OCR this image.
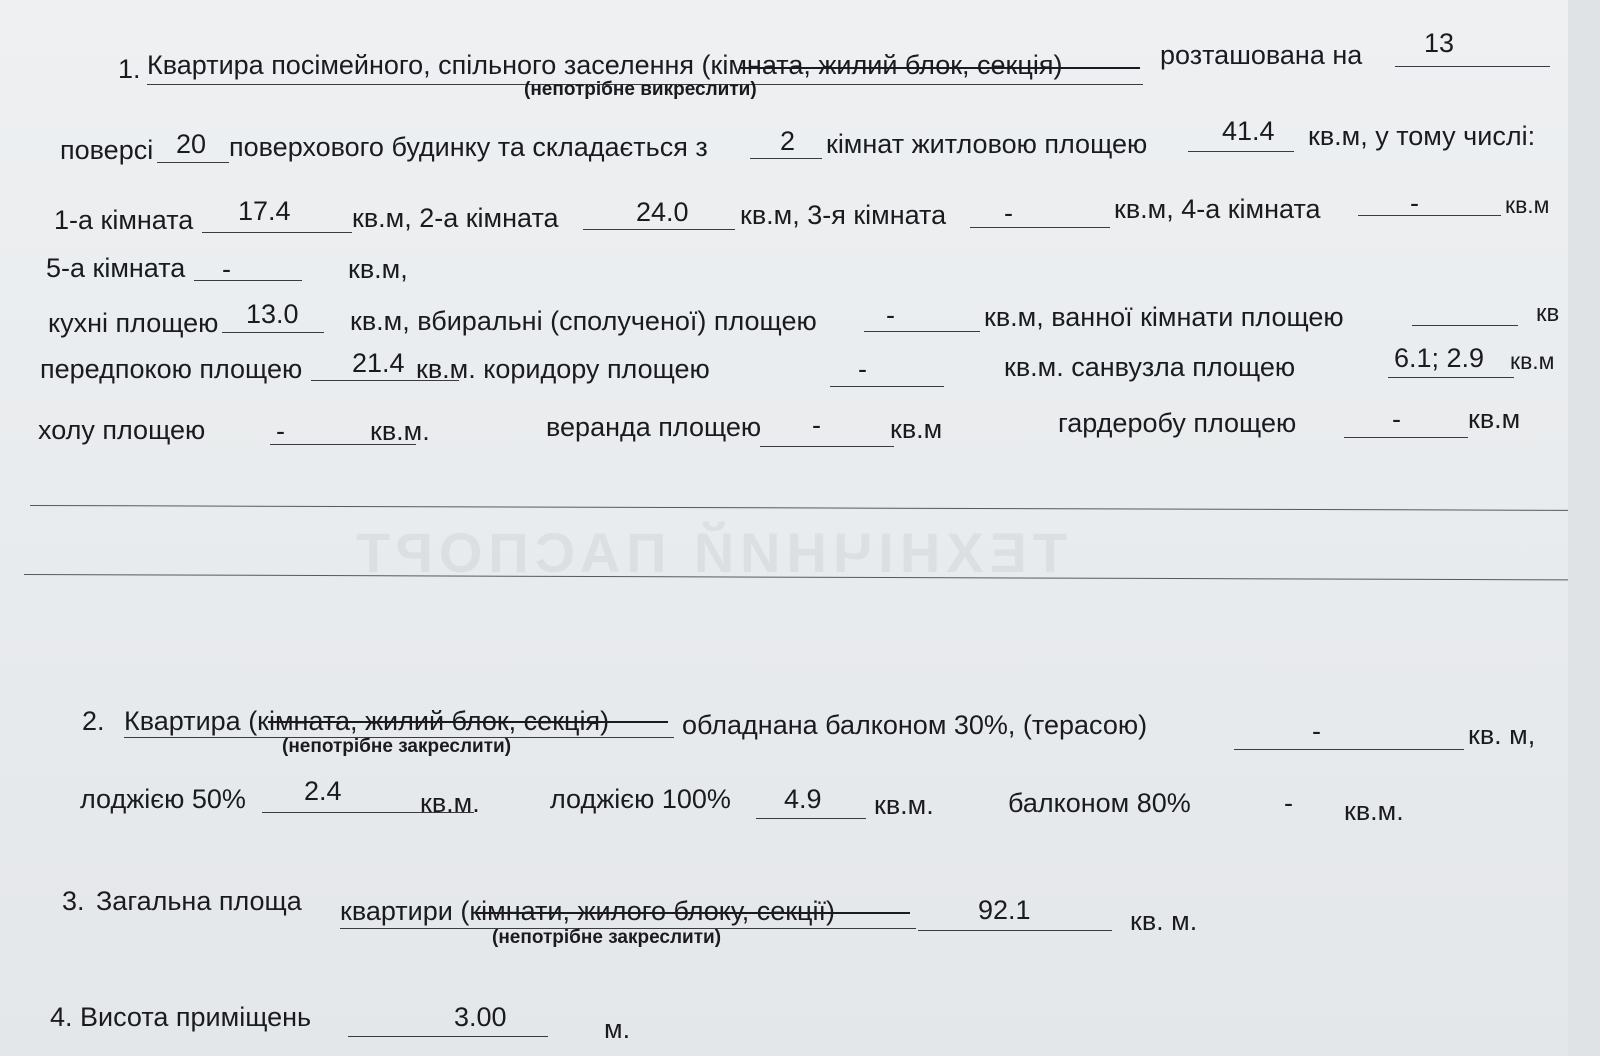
ТЕХНІЧНИЙ ПАСПОРТ
1. Квартира посімейного, спільного заселення (кімната, жилий блок, секція)	розташована на 13
(непотрібне викреслити)
поверсі 20 поверхового будинку та складається з	2 кімнат житловою площею	41.4 кв.м, у тому числі:
1-а кімната 17.4 кв.м, 2-а кімната	24.0 кв.м, 3-я кімната -	кв.м, 4-а кімната	-	кв.м
5-а кімната -	кв.м,
кухні площею 13.0 кв.м, вбиральні (сполученої) площею	-	кв.м, ванної кімнати площею	кв
передпокою площею 21.4 кв.м. коридору площею	-	кв.м. санвузла площею	6.1; 2.9 кв.м
холу площею	-	кв.м.	веранда площею -	кв.м	гардеробу площею	- кв.м
2. Квартира (кімната, жилий блок, секція)	обладнана балконом 30%, (терасою)	-	кв. м,
(непотрібне закреслити)
лоджією 50% 2.4	кв.м.	лоджією 100% 4.9 кв.м.	балконом 80%	- кв.м.
3. Загальна площа квартири (кімнати, жилого блоку, секції)	92.1	кв. м.
(непотрібне закреслити)
4. Висота приміщень	3.00	м.
